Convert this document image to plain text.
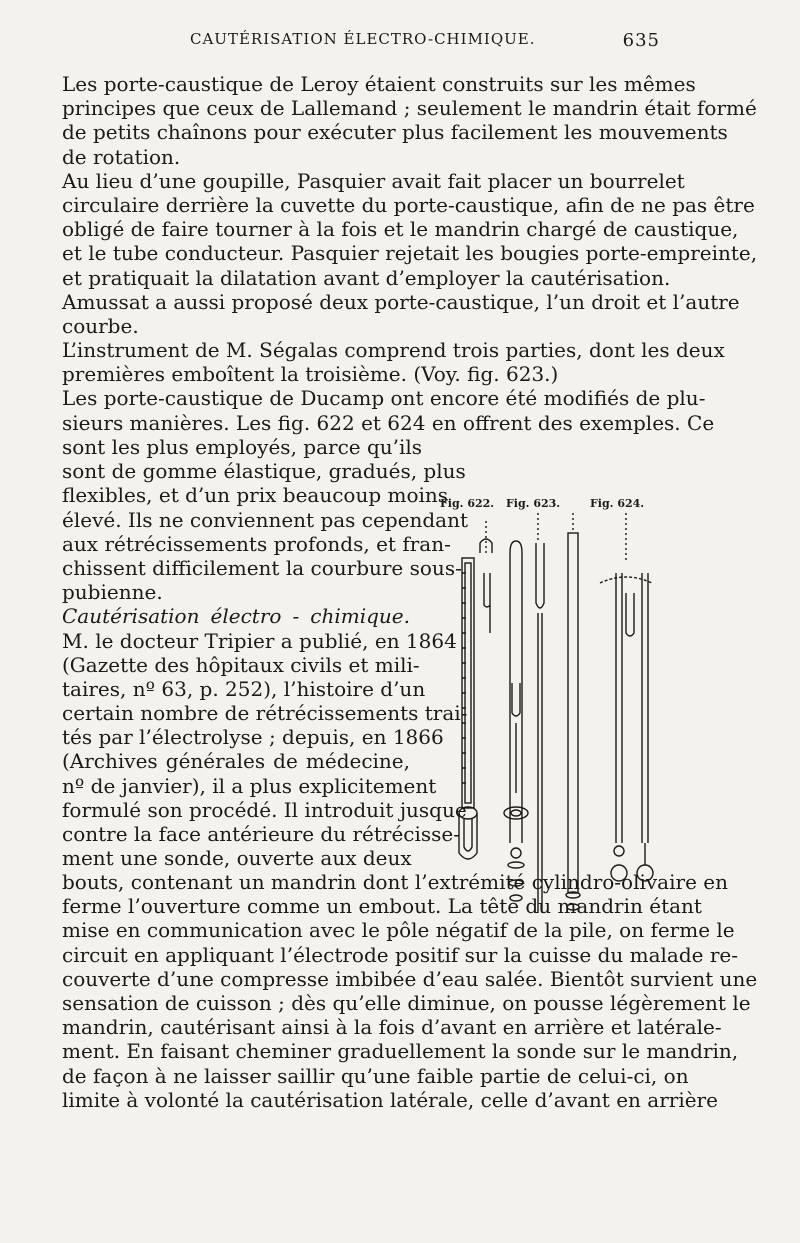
CAUTÉRISATION ÉLECTRO-CHIMIQUE.	635
Les porte-caustique de Leroy étaient construits sur les mêmes
principes que ceux de Lallemand ; seulement le mandrin était formé
de petits chaînons pour exécuter plus facilement les mouvements
de rotation.
Au lieu d’une goupille, Pasquier avait fait placer un bourrelet
circulaire derrière la cuvette du porte-caustique, afin de ne pas être
obligé de faire tourner à la fois et le mandrin chargé de caustique,
et le tube conducteur. Pasquier rejetait les bougies porte-empreinte,
et pratiquait la dilatation avant d’employer la cautérisation.
Amussat a aussi proposé deux porte-caustique, l’un droit et l’autre
courbe.
L’instrument de M. Ségalas comprend trois parties, dont les deux
premières emboîtent la troisième. (Voy. fig. 623.)
Les porte-caustique de Ducamp ont encore été modifiés de plu-
sieurs manières. Les fig. 622 et 624 en offrent des exemples. Ce
sont les plus employés, parce qu’ils
sont de gomme élastique, gradués, plus
flexibles, et d’un prix beaucoup moins
élevé. Ils ne conviennent pas cependant
aux rétrécissements profonds, et fran-
chissent difficilement la courbure sous-
pubienne.
Cautérisation électro - chimique.
M. le docteur Tripier a publié, en 1864
(Gazette des hôpitaux civils et mili-
taires, nº 63, p. 252), l’histoire d’un
certain nombre de rétrécissements trai-
tés par l’électrolyse ; depuis, en 1866
(Archives générales de médecine,
nº de janvier), il a plus explicitement
formulé son procédé. Il introduit jusque
contre la face antérieure du rétrécisse-
ment une sonde, ouverte aux deux
bouts, contenant un mandrin dont l’extrémité cylindro-olivaire en
ferme l’ouverture comme un embout. La tête du mandrin étant
mise en communication avec le pôle négatif de la pile, on ferme le
circuit en appliquant l’électrode positif sur la cuisse du malade re-
couverte d’une compresse imbibée d’eau salée. Bientôt survient une
sensation de cuisson ; dès qu’elle diminue, on pousse légèrement le
mandrin, cautérisant ainsi à la fois d’avant en arrière et latérale-
ment. En faisant cheminer graduellement la sonde sur le mandrin,
de façon à ne laisser saillir qu’une faible partie de celui-ci, on
limite à volonté la cautérisation latérale, celle d’avant en arrière
Fig. 622. Fig. 623.	Fig. 624.
